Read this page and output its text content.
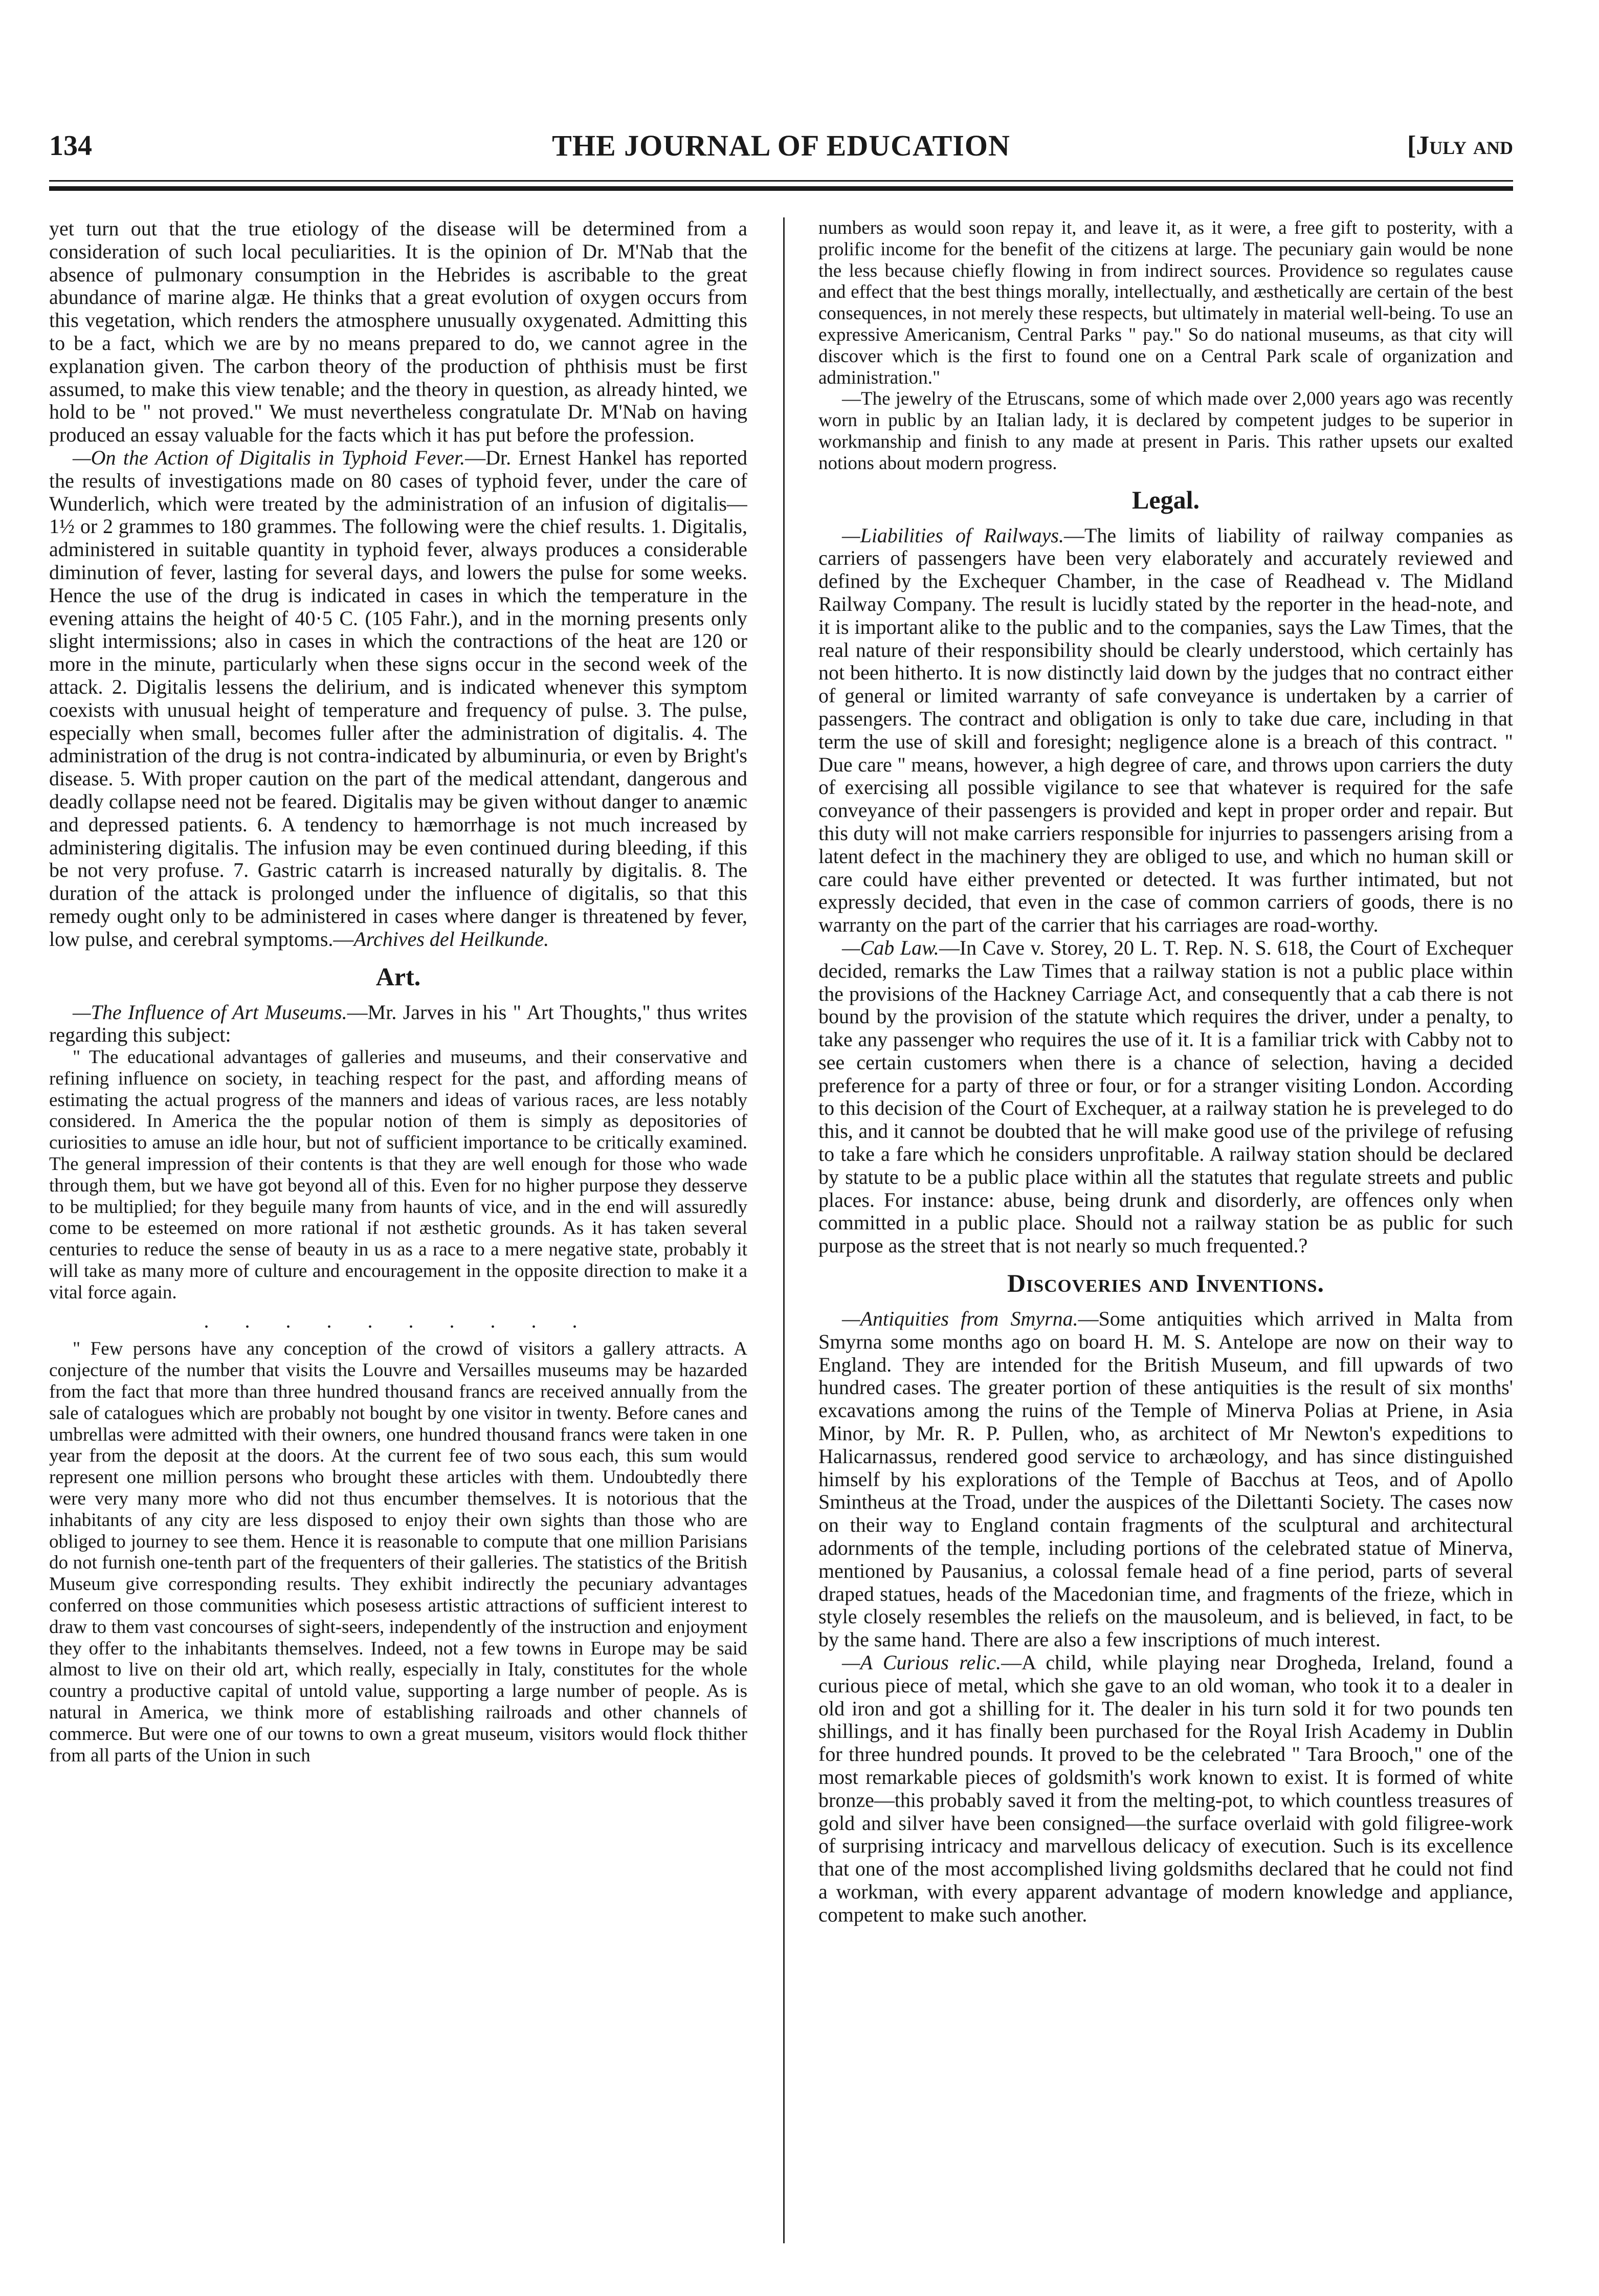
134	THE JOURNAL OF EDUCATION	[July and

yet turn out that the true etiology of the disease will be determined from a consideration of such local peculiarities. It is the opinion of Dr. M'Nab that the absence of pulmonary consumption in the Hebrides is ascribable to the great abundance of marine algæ. He thinks that a great evolution of oxygen occurs from this vegetation, which renders the atmosphere unusually oxygenated. Admitting this to be a fact, which we are by no means prepared to do, we cannot agree in the explanation given. The carbon theory of the production of phthisis must be first assumed, to make this view tenable; and the theory in question, as already hinted, we hold to be " not proved." We must nevertheless congratulate Dr. M'Nab on having produced an essay valuable for the facts which it has put before the profession.

—On the Action of Digitalis in Typhoid Fever.—Dr. Ernest Hankel has reported the results of investigations made on 80 cases of typhoid fever, under the care of Wunderlich, which were treated by the administration of an infusion of digitalis—1½ or 2 grammes to 180 grammes. The following were the chief results. 1. Digitalis, administered in suitable quantity in typhoid fever, always produces a considerable diminution of fever, lasting for several days, and lowers the pulse for some weeks. Hence the use of the drug is indicated in cases in which the temperature in the evening attains the height of 40·5 C. (105 Fahr.), and in the morning presents only slight intermissions; also in cases in which the contractions of the heat are 120 or more in the minute, particularly when these signs occur in the second week of the attack. 2. Digitalis lessens the delirium, and is indicated whenever this symptom coexists with unusual height of temperature and frequency of pulse. 3. The pulse, especially when small, becomes fuller after the administration of digitalis. 4. The administration of the drug is not contra-indicated by albuminuria, or even by Bright's disease. 5. With proper caution on the part of the medical attendant, dangerous and deadly collapse need not be feared. Digitalis may be given without danger to anæmic and depressed patients. 6. A tendency to hæmorrhage is not much increased by administering digitalis. The infusion may be even continued during bleeding, if this be not very profuse. 7. Gastric catarrh is increased naturally by digitalis. 8. The duration of the attack is prolonged under the influence of digitalis, so that this remedy ought only to be administered in cases where danger is threatened by fever, low pulse, and cerebral symptoms.—Archives del Heilkunde.

Art.

—The Influence of Art Museums.—Mr. Jarves in his " Art Thoughts," thus writes regarding this subject:

" The educational advantages of galleries and museums, and their conservative and refining influence on society, in teaching respect for the past, and affording means of estimating the actual progress of the manners and ideas of various races, are less notably considered. In America the the popular notion of them is simply as depositories of curiosities to amuse an idle hour, but not of sufficient importance to be critically examined. The general impression of their contents is that they are well enough for those who wade through them, but we have got beyond all of this. Even for no higher purpose they desserve to be multiplied; for they beguile many from haunts of vice, and in the end will assuredly come to be esteemed on more rational if not æsthetic grounds. As it has taken several centuries to reduce the sense of beauty in us as a race to a mere negative state, probably it will take as many more of culture and encouragement in the opposite direction to make it a vital force again.

. . . . . . . . . .

" Few persons have any conception of the crowd of visitors a gallery attracts. A conjecture of the number that visits the Louvre and Versailles museums may be hazarded from the fact that more than three hundred thousand francs are received annually from the sale of catalogues which are probably not bought by one visitor in twenty. Before canes and umbrellas were admitted with their owners, one hundred thousand francs were taken in one year from the deposit at the doors. At the current fee of two sous each, this sum would represent one million persons who brought these articles with them. Undoubtedly there were very many more who did not thus encumber themselves. It is notorious that the inhabitants of any city are less disposed to enjoy their own sights than those who are obliged to journey to see them. Hence it is reasonable to compute that one million Parisians do not furnish one-tenth part of the frequenters of their galleries. The statistics of the British Museum give corresponding results. They exhibit indirectly the pecuniary advantages conferred on those communities which posesess artistic attractions of sufficient interest to draw to them vast concourses of sight-seers, independently of the instruction and enjoyment they offer to the inhabitants themselves. Indeed, not a few towns in Europe may be said almost to live on their old art, which really, especially in Italy, constitutes for the whole country a productive capital of untold value, supporting a large number of people. As is natural in America, we think more of establishing railroads and other channels of commerce. But were one of our towns to own a great museum, visitors would flock thither from all parts of the Union in such

numbers as would soon repay it, and leave it, as it were, a free gift to posterity, with a prolific income for the benefit of the citizens at large. The pecuniary gain would be none the less because chiefly flowing in from indirect sources. Providence so regulates cause and effect that the best things morally, intellectually, and æsthetically are certain of the best consequences, in not merely these respects, but ultimately in material well-being. To use an expressive Americanism, Central Parks " pay." So do national museums, as that city will discover which is the first to found one on a Central Park scale of organization and administration."

—The jewelry of the Etruscans, some of which made over 2,000 years ago was recently worn in public by an Italian lady, it is declared by competent judges to be superior in workmanship and finish to any made at present in Paris. This rather upsets our exalted notions about modern progress.

Legal.

—Liabilities of Railways.—The limits of liability of railway companies as carriers of passengers have been very elaborately and accurately reviewed and defined by the Exchequer Chamber, in the case of Readhead v. The Midland Railway Company. The result is lucidly stated by the reporter in the head-note, and it is important alike to the public and to the companies, says the Law Times, that the real nature of their responsibility should be clearly understood, which certainly has not been hitherto. It is now distinctly laid down by the judges that no contract either of general or limited warranty of safe conveyance is undertaken by a carrier of passengers. The contract and obligation is only to take due care, including in that term the use of skill and foresight; negligence alone is a breach of this contract. " Due care " means, however, a high degree of care, and throws upon carriers the duty of exercising all possible vigilance to see that whatever is required for the safe conveyance of their passengers is provided and kept in proper order and repair. But this duty will not make carriers responsible for injurries to passengers arising from a latent defect in the machinery they are obliged to use, and which no human skill or care could have either prevented or detected. It was further intimated, but not expressly decided, that even in the case of common carriers of goods, there is no warranty on the part of the carrier that his carriages are road-worthy.

—Cab Law.—In Cave v. Storey, 20 L. T. Rep. N. S. 618, the Court of Exchequer decided, remarks the Law Times that a railway station is not a public place within the provisions of the Hackney Carriage Act, and consequently that a cab there is not bound by the provision of the statute which requires the driver, under a penalty, to take any passenger who requires the use of it. It is a familiar trick with Cabby not to see certain customers when there is a chance of selection, having a decided preference for a party of three or four, or for a stranger visiting London. According to this decision of the Court of Exchequer, at a railway station he is preveleged to do this, and it cannot be doubted that he will make good use of the privilege of refusing to take a fare which he considers unprofitable. A railway station should be declared by statute to be a public place within all the statutes that regulate streets and public places. For instance: abuse, being drunk and disorderly, are offences only when committed in a public place. Should not a railway station be as public for such purpose as the street that is not nearly so much frequented.?

Discoveries and Inventions.

—Antiquities from Smyrna.—Some antiquities which arrived in Malta from Smyrna some months ago on board H. M. S. Antelope are now on their way to England. They are intended for the British Museum, and fill upwards of two hundred cases. The greater portion of these antiquities is the result of six months' excavations among the ruins of the Temple of Minerva Polias at Priene, in Asia Minor, by Mr. R. P. Pullen, who, as architect of Mr Newton's expeditions to Halicarnassus, rendered good service to archæology, and has since distinguished himself by his explorations of the Temple of Bacchus at Teos, and of Apollo Smintheus at the Troad, under the auspices of the Dilettanti Society. The cases now on their way to England contain fragments of the sculptural and architectural adornments of the temple, including portions of the celebrated statue of Minerva, mentioned by Pausanius, a colossal female head of a fine period, parts of several draped statues, heads of the Macedonian time, and fragments of the frieze, which in style closely resembles the reliefs on the mausoleum, and is believed, in fact, to be by the same hand. There are also a few inscriptions of much interest.

—A Curious relic.—A child, while playing near Drogheda, Ireland, found a curious piece of metal, which she gave to an old woman, who took it to a dealer in old iron and got a shilling for it. The dealer in his turn sold it for two pounds ten shillings, and it has finally been purchased for the Royal Irish Academy in Dublin for three hundred pounds. It proved to be the celebrated " Tara Brooch," one of the most remarkable pieces of goldsmith's work known to exist. It is formed of white bronze—this probably saved it from the melting-pot, to which countless treasures of gold and silver have been consigned—the surface overlaid with gold filigree-work of surprising intricacy and marvellous delicacy of execution. Such is its excellence that one of the most accomplished living goldsmiths declared that he could not find a workman, with every apparent advantage of modern knowledge and appliance, competent to make such another.
